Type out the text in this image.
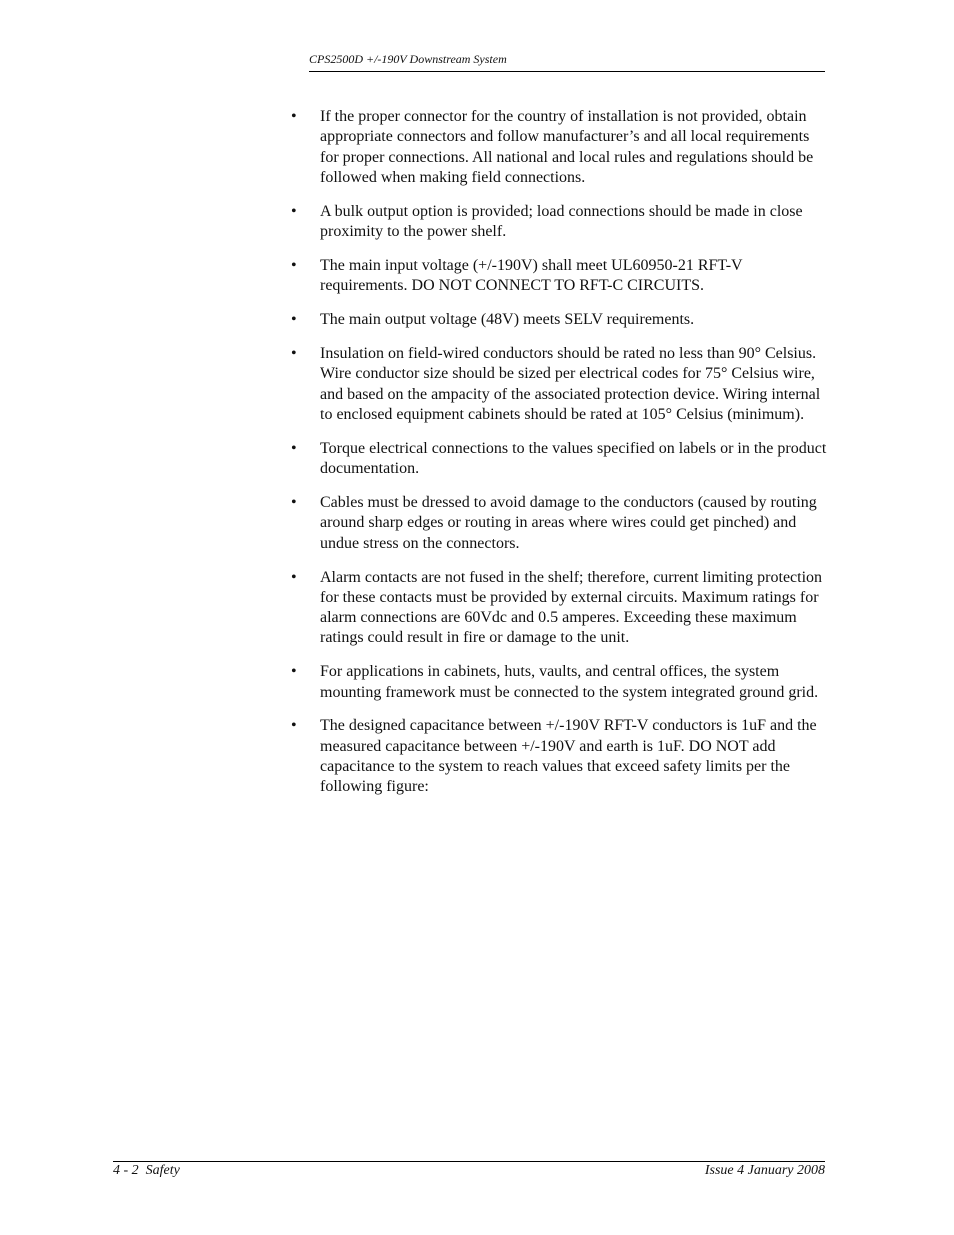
CPS2500D +/-190V Downstream System
• If the proper connector for the country of installation is not provided, obtain appropriate connectors and follow manufacturer’s and all local requirements for proper connections. All national and local rules and regulations should be followed when making field connections.
• A bulk output option is provided; load connections should be made in close proximity to the power shelf.
• The main input voltage (+/-190V) shall meet UL60950-21 RFT-V requirements. DO NOT CONNECT TO RFT-C CIRCUITS.
• The main output voltage (48V) meets SELV requirements.
• Insulation on field-wired conductors should be rated no less than 90° Celsius. Wire conductor size should be sized per electrical codes for 75° Celsius wire, and based on the ampacity of the associated protection device. Wiring internal to enclosed equipment cabinets should be rated at 105° Celsius (minimum).
• Torque electrical connections to the values specified on labels or in the product documentation.
• Cables must be dressed to avoid damage to the conductors (caused by routing around sharp edges or routing in areas where wires could get pinched) and undue stress on the connectors.
• Alarm contacts are not fused in the shelf; therefore, current limiting protection for these contacts must be provided by external circuits. Maximum ratings for alarm connections are 60Vdc and 0.5 amperes. Exceeding these maximum ratings could result in fire or damage to the unit.
• For applications in cabinets, huts, vaults, and central offices, the system mounting framework must be connected to the system integrated ground grid.
• The designed capacitance between +/-190V RFT-V conductors is 1uF and the measured capacitance between +/-190V and earth is 1uF. DO NOT add capacitance to the system to reach values that exceed safety limits per the following figure:
4 - 2  Safety	Issue 4 January 2008
